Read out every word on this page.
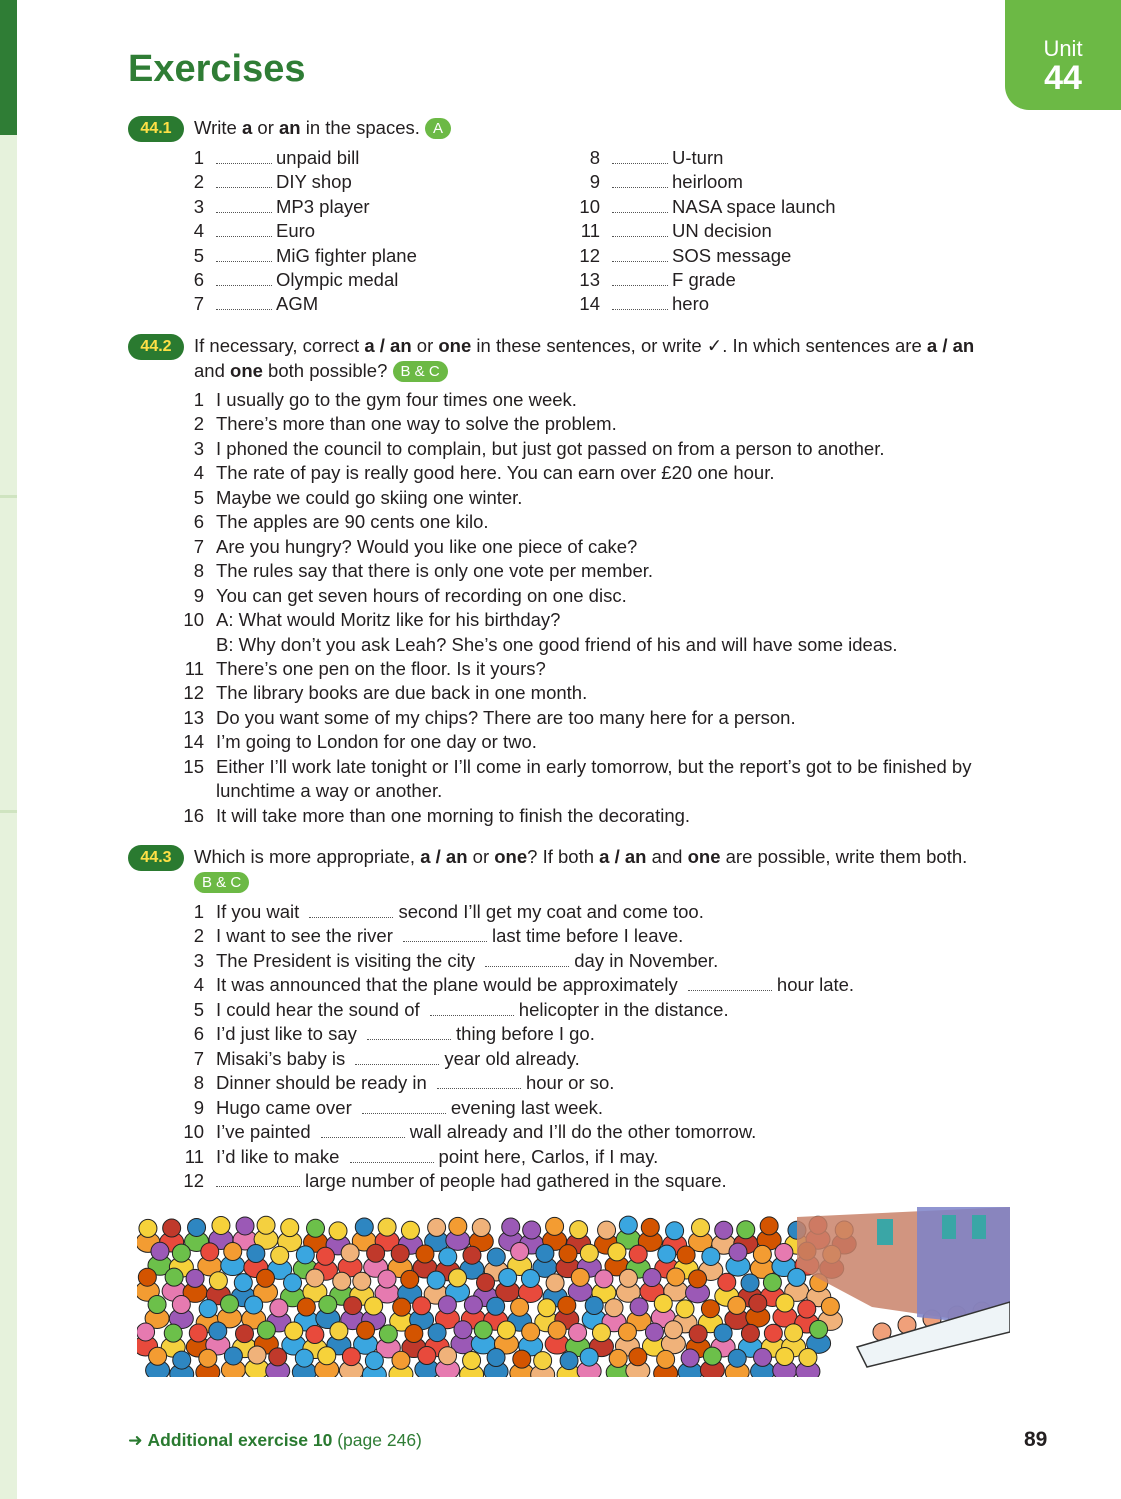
Unit
44
Exercises
44.1	Write a or an in the spaces. A
1	unpaid bill
2	DIY shop
3	MP3 player
4	Euro
5	MiG fighter plane
6	Olympic medal
7	AGM
8	U-turn
9	heirloom
10	NASA space launch
11	UN decision
12	SOS message
13	F grade
14	hero
44.2	If necessary, correct a / an or one in these sentences, or write ✓. In which sentences are a / an and one both possible? B & C
1 I usually go to the gym four times one week.
2 There’s more than one way to solve the problem.
3 I phoned the council to complain, but just got passed on from a person to another.
4 The rate of pay is really good here. You can earn over £20 one hour.
5 Maybe we could go skiing one winter.
6 The apples are 90 cents one kilo.
7 Are you hungry? Would you like one piece of cake?
8 The rules say that there is only one vote per member.
9 You can get seven hours of recording on one disc.
10 A: What would Moritz like for his birthday?
B: Why don’t you ask Leah? She’s one good friend of his and will have some ideas.
11 There’s one pen on the floor. Is it yours?
12 The library books are due back in one month.
13 Do you want some of my chips? There are too many here for a person.
14 I’m going to London for one day or two.
15 Either I’ll work late tonight or I’ll come in early tomorrow, but the report’s got to be finished by
lunchtime a way or another.
16 It will take more than one morning to finish the decorating.
44.3	Which is more appropriate, a / an or one? If both a / an and one are possible, write them both. B & C
1 If you wait	second I’ll get my coat and come too.
2 I want to see the river	last time before I leave.
3 The President is visiting the city	day in November.
4 It was announced that the plane would be approximately	hour late.
5 I could hear the sound of	helicopter in the distance.
6 I’d just like to say	thing before I go.
7 Misaki’s baby is	year old already.
8 Dinner should be ready in	hour or so.
9 Hugo came over	evening last week.
10 I’ve painted	wall already and I’ll do the other tomorrow.
11 I’d like to make	point here, Carlos, if I may.
12	large number of people had gathered in the square.
➜ Additional exercise 10 (page 246)	89
